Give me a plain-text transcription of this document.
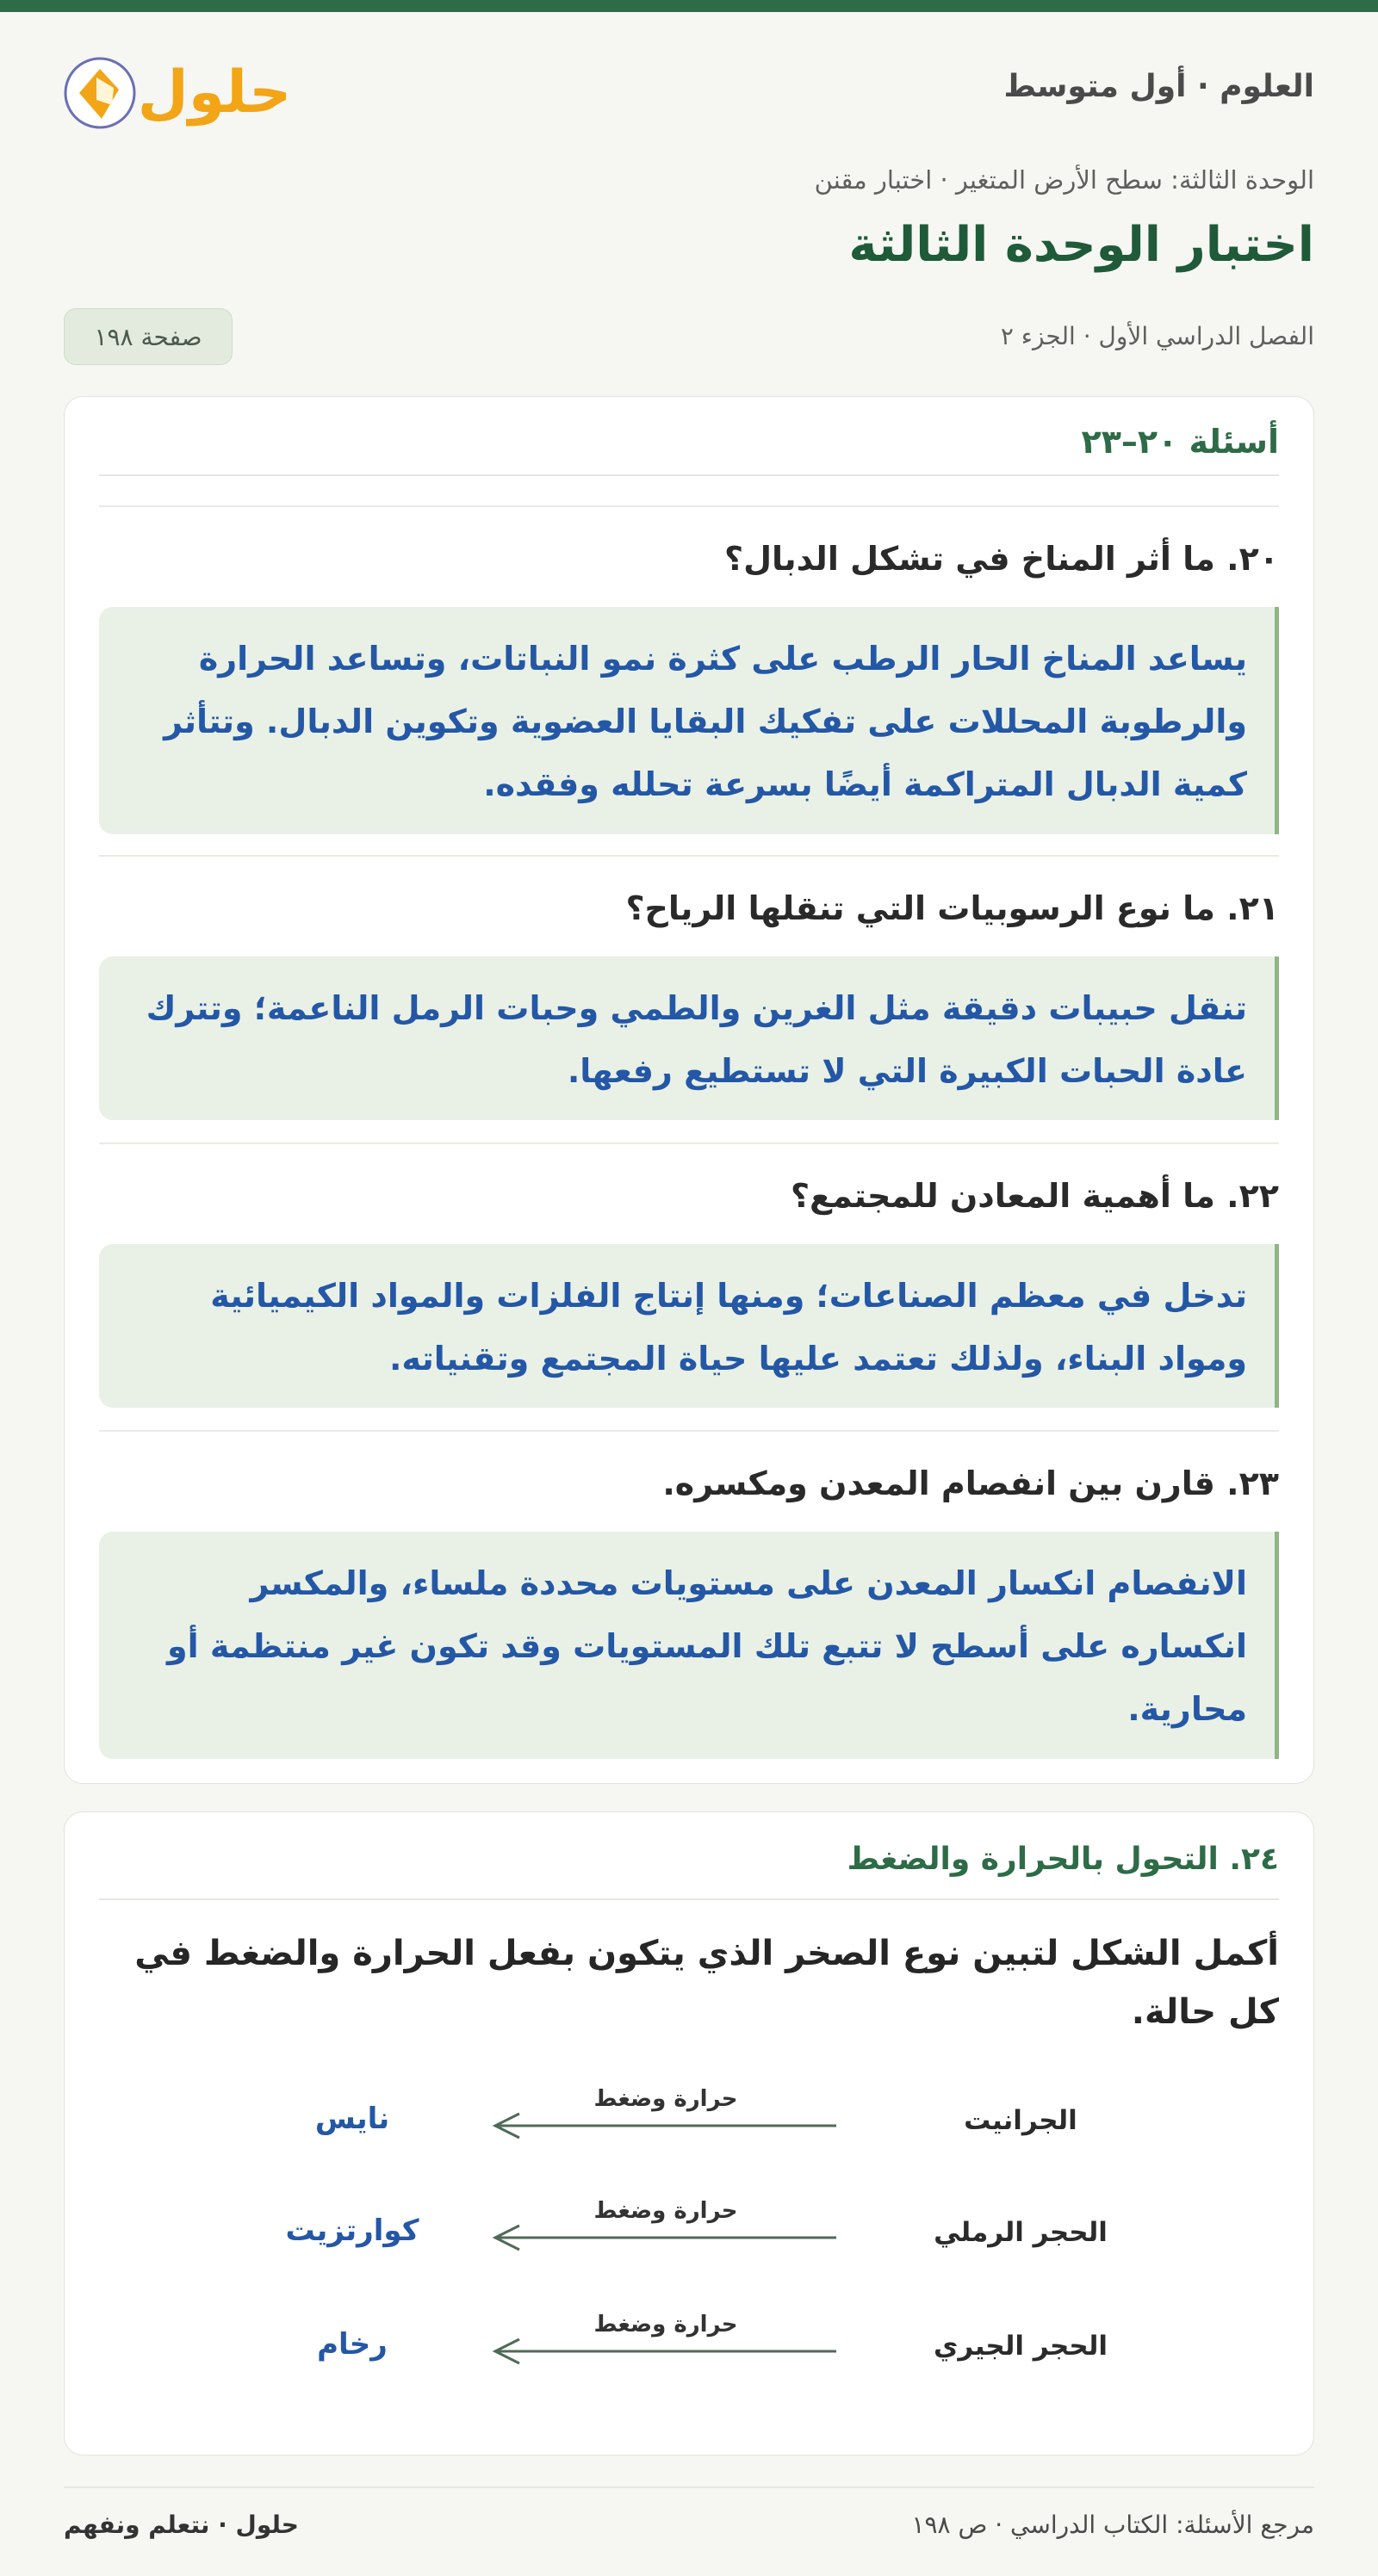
العلوم · أول متوسط
حلول
الوحدة الثالثة: سطح الأرض المتغير · اختبار مقنن
اختبار الوحدة الثالثة
الفصل الدراسي الأول · الجزء ٢
صفحة ١٩٨
أسئلة ٢٠–٢٣
٢٠. ما أثر المناخ في تشكل الدبال؟
يساعد المناخ الحار الرطب على كثرة نمو النباتات، وتساعد الحرارة والرطوبة المحللات على تفكيك البقايا العضوية وتكوين الدبال. وتتأثر كمية الدبال المتراكمة أيضًا بسرعة تحلله وفقده.
٢١. ما نوع الرسوبيات التي تنقلها الرياح؟
تنقل حبيبات دقيقة مثل الغرين والطمي وحبات الرمل الناعمة؛ وتترك عادة الحبات الكبيرة التي لا تستطيع رفعها.
٢٢. ما أهمية المعادن للمجتمع؟
تدخل في معظم الصناعات؛ ومنها إنتاج الفلزات والمواد الكيميائية ومواد البناء، ولذلك تعتمد عليها حياة المجتمع وتقنياته.
٢٣. قارن بين انفصام المعدن ومكسره.
الانفصام انكسار المعدن على مستويات محددة ملساء، والمكسر انكساره على أسطح لا تتبع تلك المستويات وقد تكون غير منتظمة أو محارية.
٢٤. التحول بالحرارة والضغط
أكمل الشكل لتبين نوع الصخر الذي يتكون بفعل الحرارة والضغط في كل حالة.
الجرانيت
حرارة وضغط
نايس
الحجر الرملي
حرارة وضغط
كوارتزيت
الحجر الجيري
حرارة وضغط
رخام
مرجع الأسئلة: الكتاب الدراسي · ص ١٩٨
حلول · نتعلم ونفهم
